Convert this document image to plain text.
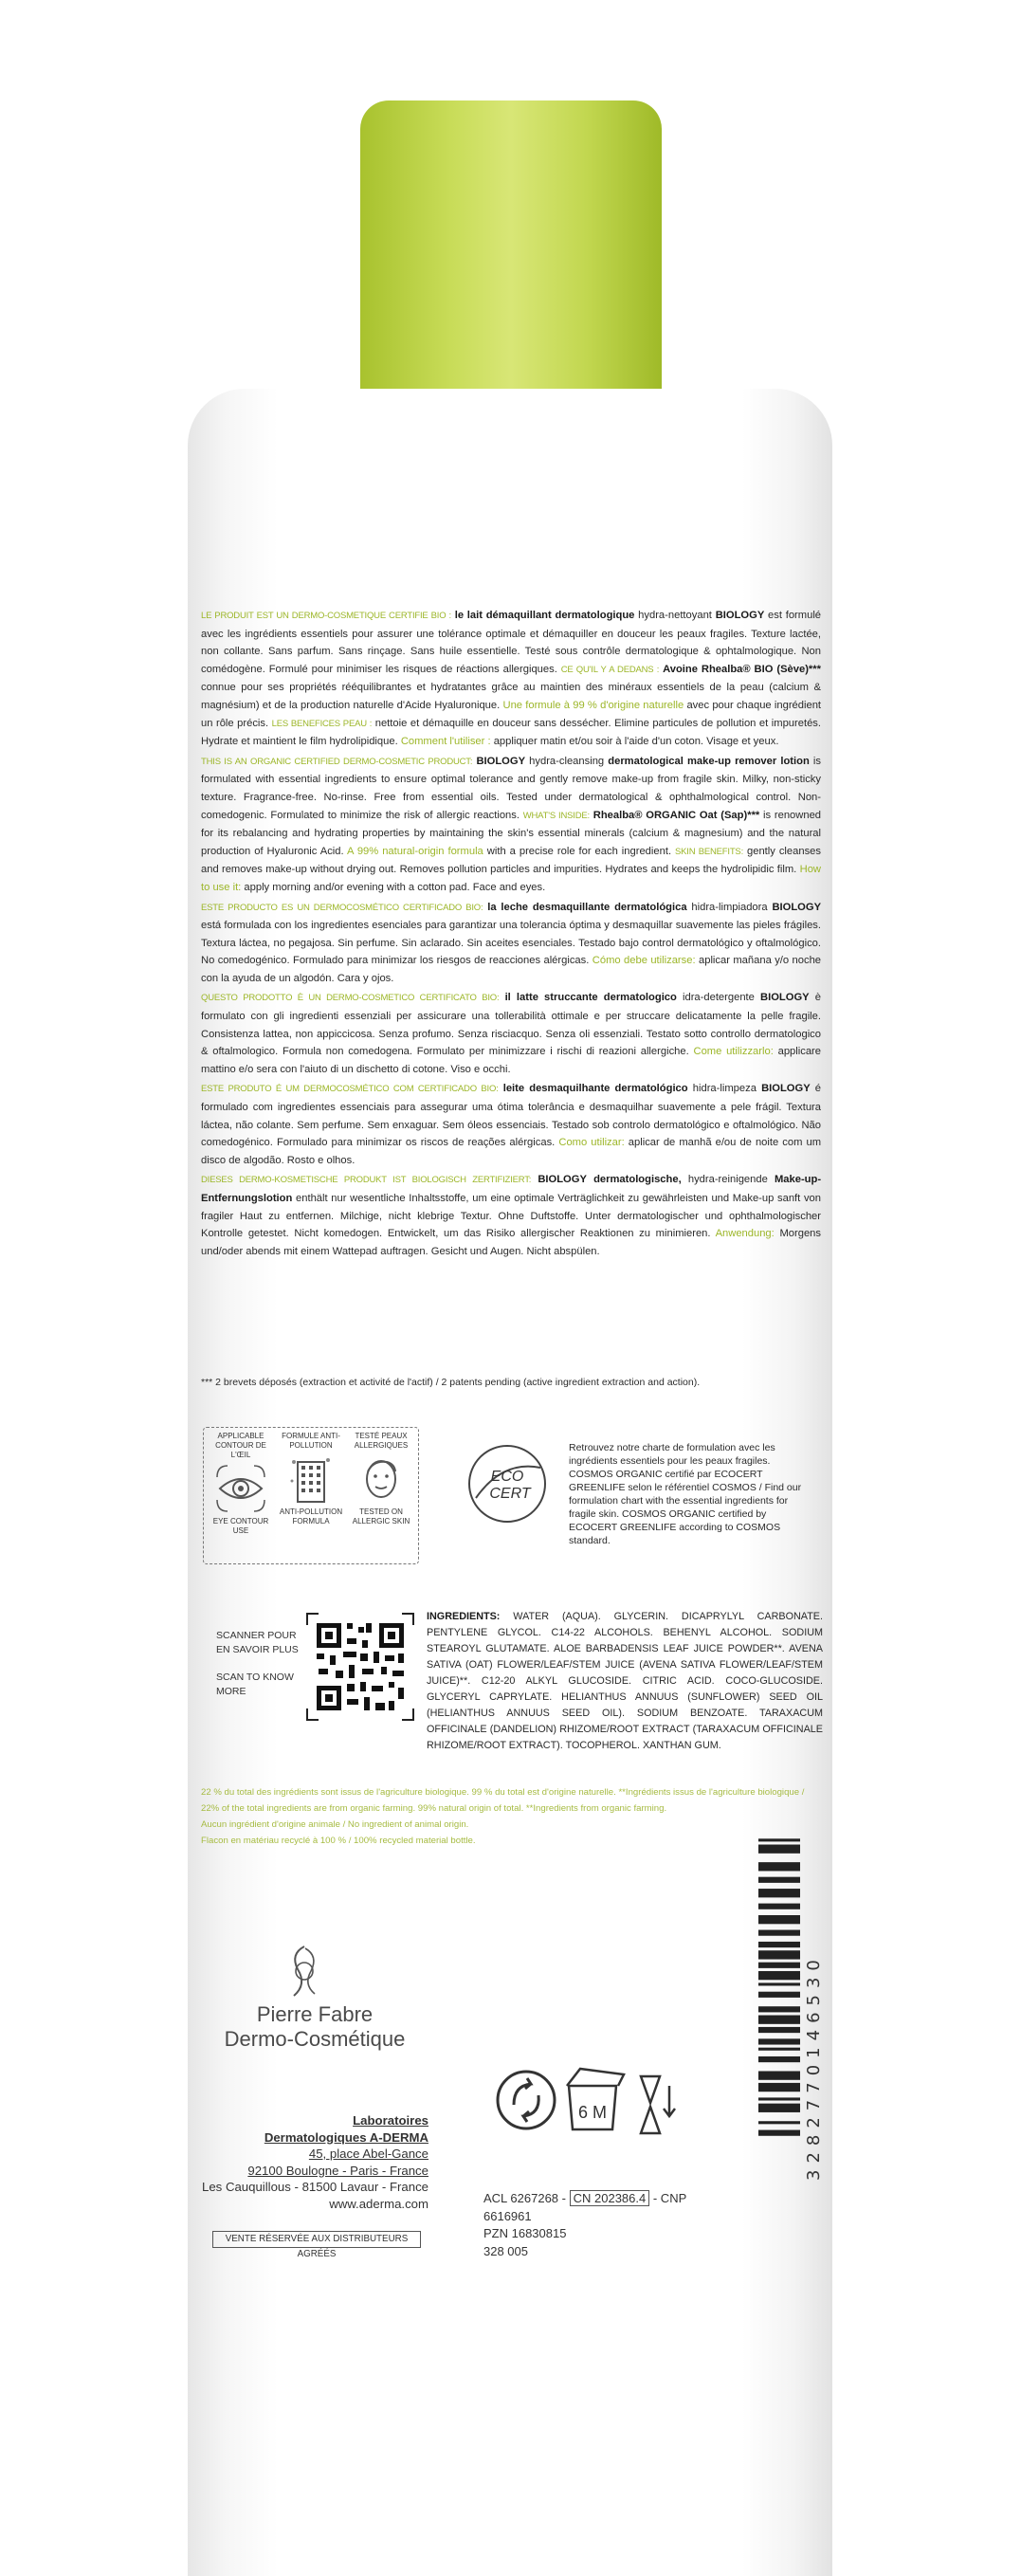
LE PRODUIT EST UN DERMO-COSMETIQUE CERTIFIE BIO : le lait démaquillant dermatologique hydra-nettoyant BIOLOGY est formulé avec les ingrédients essentiels pour assurer une tolérance optimale et démaquiller en douceur les peaux fragiles. Texture lactée, non collante. Sans parfum. Sans rinçage. Sans huile essentielle. Testé sous contrôle dermatologique & ophtalmologique. Non comédogène. Formulé pour minimiser les risques de réactions allergiques. CE QU'IL Y A DEDANS : Avoine Rhealba® BIO (Sève)*** connue pour ses propriétés rééquilibrantes et hydratantes grâce au maintien des minéraux essentiels de la peau (calcium & magnésium) et de la production naturelle d'Acide Hyaluronique. Une formule à 99 % d'origine naturelle avec pour chaque ingrédient un rôle précis. LES BENEFICES PEAU : nettoie et démaquille en douceur sans dessécher. Elimine particules de pollution et impuretés. Hydrate et maintient le film hydrolipidique. Comment l'utiliser : appliquer matin et/ou soir à l'aide d'un coton. Visage et yeux.

THIS IS AN ORGANIC CERTIFIED DERMO-COSMETIC PRODUCT: BIOLOGY hydra-cleansing dermatological make-up remover lotion is formulated with essential ingredients to ensure optimal tolerance and gently remove make-up from fragile skin. Milky, non-sticky texture. Fragrance-free. No-rinse. Free from essential oils. Tested under dermatological & ophthalmological control. Non-comedogenic. Formulated to minimize the risk of allergic reactions. WHAT'S INSIDE: Rhealba® ORGANIC Oat (Sap)*** is renowned for its rebalancing and hydrating properties by maintaining the skin's essential minerals (calcium & magnesium) and the natural production of Hyaluronic Acid. A 99% natural-origin formula with a precise role for each ingredient. SKIN BENEFITS: gently cleanses and removes make-up without drying out. Removes pollution particles and impurities. Hydrates and keeps the hydrolipidic film. How to use it: apply morning and/or evening with a cotton pad. Face and eyes.

ESTE PRODUCTO ES UN DERMOCOSMÉTICO CERTIFICADO BIO: la leche desmaquillante dermatológica hidra-limpiadora BIOLOGY está formulada con los ingredientes esenciales para garantizar una tolerancia óptima y desmaquillar suavemente las pieles frágiles. Textura láctea, no pegajosa. Sin perfume. Sin aclarado. Sin aceites esenciales. Testado bajo control dermatológico y oftalmológico. No comedogénico. Formulado para minimizar los riesgos de reacciones alérgicas. Cómo debe utilizarse: aplicar mañana y/o noche con la ayuda de un algodón. Cara y ojos.

QUESTO PRODOTTO È UN DERMO-COSMETICO CERTIFICATO BIO: il latte struccante dermatologico idra-detergente BIOLOGY è formulato con gli ingredienti essenziali per assicurare una tollerabilità ottimale e per struccare delicatamente la pelle fragile. Consistenza lattea, non appiccicosa. Senza profumo. Senza risciacquo. Senza oli essenziali. Testato sotto controllo dermatologico & oftalmologico. Formula non comedogena. Formulato per minimizzare i rischi di reazioni allergiche. Come utilizzarlo: applicare mattino e/o sera con l'aiuto di un dischetto di cotone. Viso e occhi.

ESTE PRODUTO É UM DERMOCOSMÉTICO COM CERTIFICADO BIO: leite desmaquilhante dermatológico hidra-limpeza BIOLOGY é formulado com ingredientes essenciais para assegurar uma ótima tolerância e desmaquilhar suavemente a pele frágil. Textura láctea, não colante. Sem perfume. Sem enxaguar. Sem óleos essenciais. Testado sob controlo dermatológico e oftalmológico. Não comedogénico. Formulado para minimizar os riscos de reações alérgicas. Como utilizar: aplicar de manhã e/ou de noite com um disco de algodão. Rosto e olhos.

DIESES DERMO-KOSMETISCHE PRODUKT IST BIOLOGISCH ZERTIFIZIERT: BIOLOGY dermatologische, hydra-reinigende Make-up-Entfernungslotion enthält nur wesentliche Inhaltsstoffe, um eine optimale Verträglichkeit zu gewährleisten und Make-up sanft von fragiler Haut zu entfernen. Milchige, nicht klebrige Textur. Ohne Duftstoffe. Unter dermatologischer und ophthalmologischer Kontrolle getestet. Nicht komedogen. Entwickelt, um das Risiko allergischer Reaktionen zu minimieren. Anwendung: Morgens und/oder abends mit einem Wattepad auftragen. Gesicht und Augen. Nicht abspülen.

*** 2 brevets déposés (extraction et activité de l'actif) / 2 patents pending (active ingredient extraction and action).
APPLICABLE CONTOUR DE L'ŒIL
EYE CONTOUR USE
FORMULE ANTI-POLLUTION
ANTI-POLLUTION FORMULA
TESTÉ PEAUX ALLERGIQUES
TESTED ON ALLERGIC SKIN
ECO
CERT
Retrouvez notre charte de formulation avec les ingrédients essentiels pour les peaux fragiles. COSMOS ORGANIC certifié par ECOCERT GREENLIFE selon le référentiel COSMOS / Find our formulation chart with the essential ingredients for fragile skin. COSMOS ORGANIC certified by ECOCERT GREENLIFE according to COSMOS standard.
SCANNER POUR EN SAVOIR PLUS
SCAN TO KNOW MORE
INGREDIENTS: WATER (AQUA). GLYCERIN. DICAPRYLYL CARBONATE. PENTYLENE GLYCOL. C14-22 ALCOHOLS. BEHENYL ALCOHOL. SODIUM STEAROYL GLUTAMATE. ALOE BARBADENSIS LEAF JUICE POWDER**. AVENA SATIVA (OAT) FLOWER/LEAF/STEM JUICE (AVENA SATIVA FLOWER/LEAF/STEM JUICE)**. C12-20 ALKYL GLUCOSIDE. CITRIC ACID. COCO-GLUCOSIDE. GLYCERYL CAPRYLATE. HELIANTHUS ANNUUS (SUNFLOWER) SEED OIL (HELIANTHUS ANNUUS SEED OIL). SODIUM BENZOATE. TARAXACUM OFFICINALE (DANDELION) RHIZOME/ROOT EXTRACT (TARAXACUM OFFICINALE RHIZOME/ROOT EXTRACT). TOCOPHEROL. XANTHAN GUM.
22 % du total des ingrédients sont issus de l'agriculture biologique. 99 % du total est d'origine naturelle. **Ingrédients issus de l'agriculture biologique / 22% of the total ingredients are from organic farming. 99% natural origin of total. **Ingredients from organic farming.
Aucun ingrédient d'origine animale / No ingredient of animal origin.
Flacon en matériau recyclé à 100 % / 100% recycled material bottle.
Pierre Fabre
Dermo-Cosmétique
Laboratoires
Dermatologiques A-DERMA
45, place Abel-Gance
92100 Boulogne - Paris - France
Les Cauquillous - 81500 Lavaur - France
www.aderma.com
VENTE RÉSERVÉE AUX DISTRIBUTEURS AGRÉÉS
6 M
ACL 6267268 - CN 202386.4 - CNP 6616961
PZN 16830815
328 005
3282770146530
